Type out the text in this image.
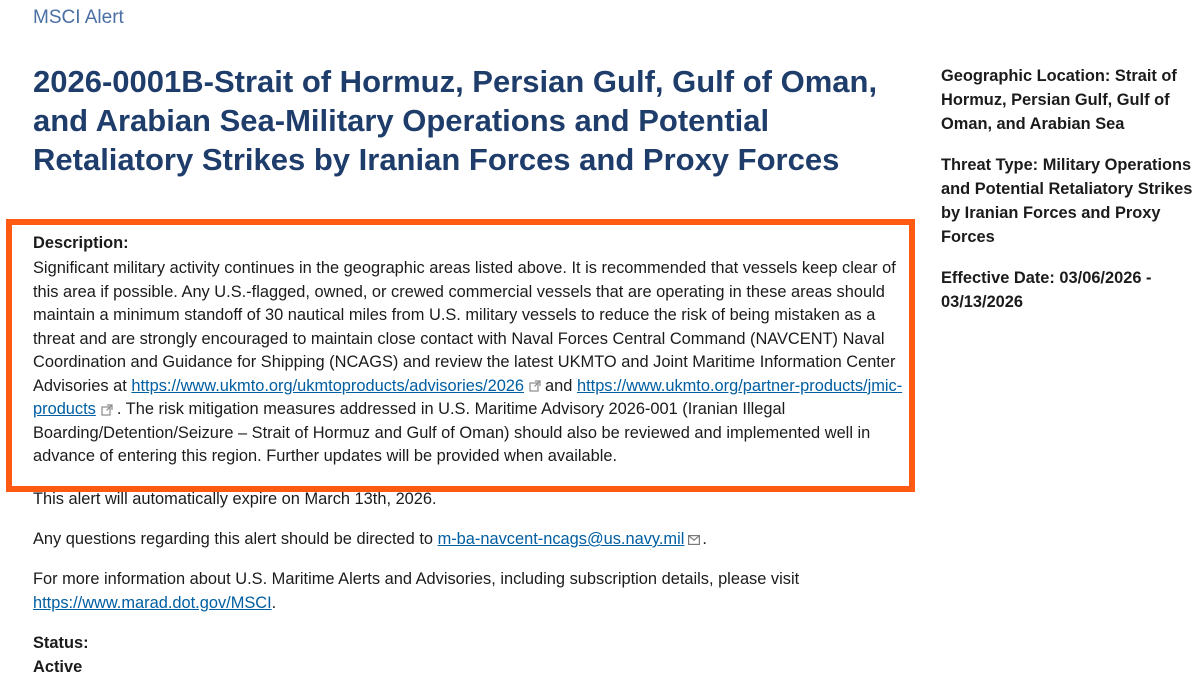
MSCI Alert
2026-0001B-Strait of Hormuz, Persian Gulf, Gulf of Oman, and Arabian Sea-Military Operations and Potential Retaliatory Strikes by Iranian Forces and Proxy Forces
Description:
Significant military activity continues in the geographic areas listed above. It is recommended that vessels keep clear of this area if possible. Any U.S.-flagged, owned, or crewed commercial vessels that are operating in these areas should maintain a minimum standoff of 30 nautical miles from U.S. military vessels to reduce the risk of being mistaken as a threat and are strongly encouraged to maintain close contact with Naval Forces Central Command (NAVCENT) Naval Coordination and Guidance for Shipping (NCAGS) and review the latest UKMTO and Joint Maritime Information Center Advisories at https://www.ukmto.org/ukmtoproducts/advisories/2026 and https://www.ukmto.org/partner-products/jmic-products . The risk mitigation measures addressed in U.S. Maritime Advisory 2026-001 (Iranian Illegal Boarding/Detention/Seizure – Strait of Hormuz and Gulf of Oman) should also be reviewed and implemented well in advance of entering this region. Further updates will be provided when available.
This alert will automatically expire on March 13th, 2026.
Any questions regarding this alert should be directed to m-ba-navcent-ncags@us.navy.mil .
For more information about U.S. Maritime Alerts and Advisories, including subscription details, please visit
https://www.marad.dot.gov/MSCI.
Status:
Active
Geographic Location: Strait of Hormuz, Persian Gulf, Gulf of Oman, and Arabian Sea
Threat Type: Military Operations and Potential Retaliatory Strikes by Iranian Forces and Proxy Forces
Effective Date: 03/06/2026 - 03/13/2026
